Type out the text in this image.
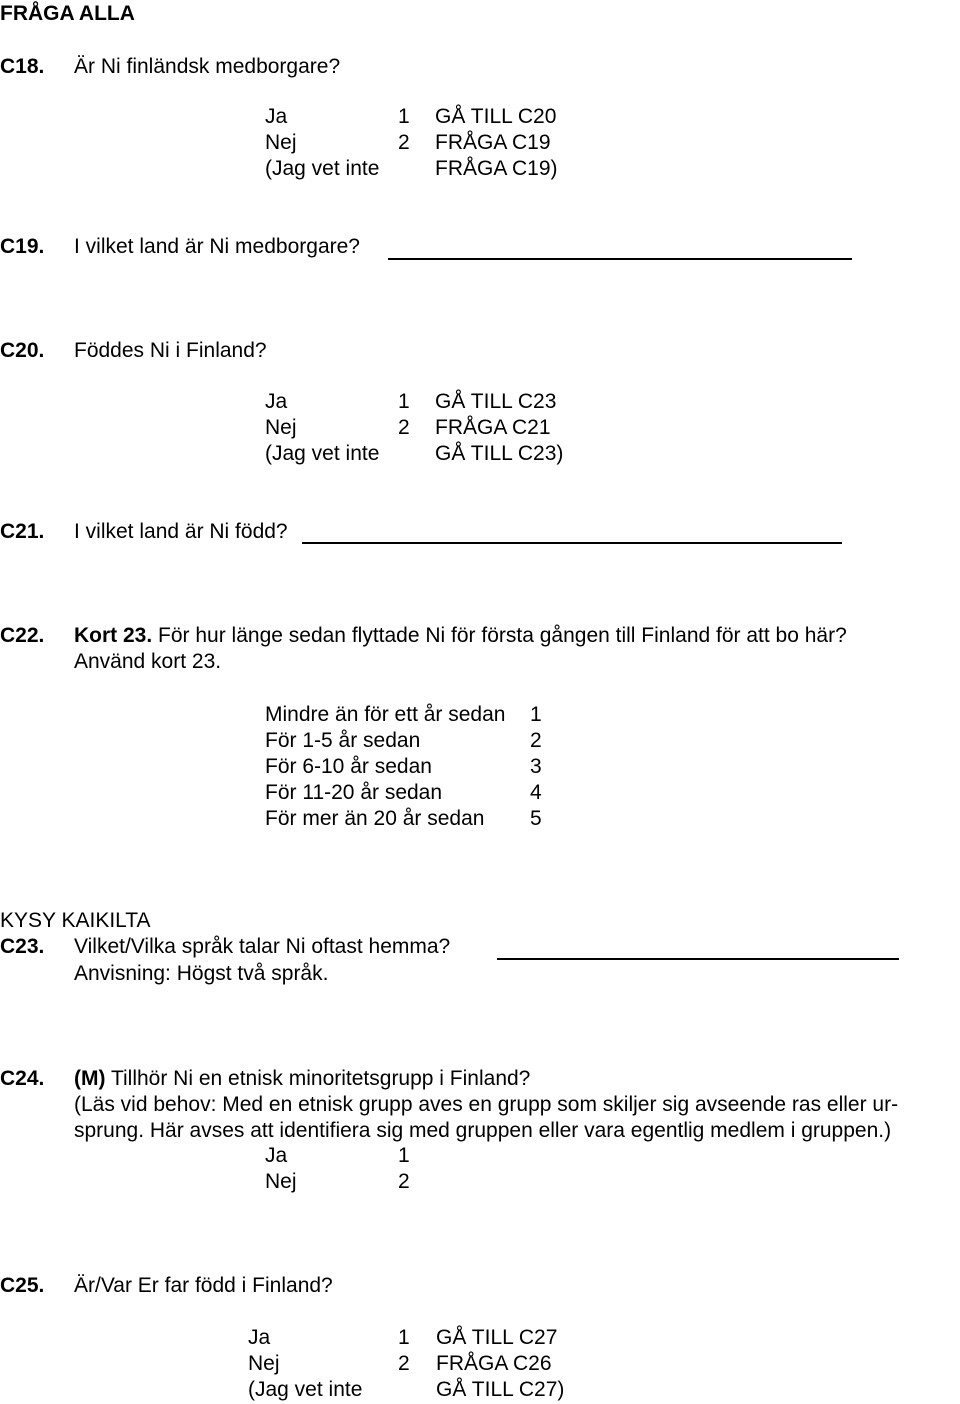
FRÅGA ALLA
C18. Är Ni finländsk medborgare?
Ja	1 GÅ TILL C20
Nej	2 FRÅGA C19
(Jag vet inte	FRÅGA C19)
C19. I vilket land är Ni medborgare?
C20. Föddes Ni i Finland?
Ja	1 GÅ TILL C23
Nej	2 FRÅGA C21
(Jag vet inte	GÅ TILL C23)
C21. I vilket land är Ni född?
C22. Kort 23. För hur länge sedan flyttade Ni för första gången till Finland för att bo här?
Använd kort 23.
Mindre än för ett år sedan 1
För 1-5 år sedan	2
För 6-10 år sedan	3
För 11-20 år sedan	4
För mer än 20 år sedan 5
KYSY KAIKILTA
C23. Vilket/Vilka språk talar Ni oftast hemma?
Anvisning: Högst två språk.
C24. (M) Tillhör Ni en etnisk minoritetsgrupp i Finland?
(Läs vid behov: Med en etnisk grupp aves en grupp som skiljer sig avseende ras eller ur-
sprung. Här avses att identifiera sig med gruppen eller vara egentlig medlem i gruppen.)
Ja	1
Nej	2
C25. Är/Var Er far född i Finland?
Ja	1 GÅ TILL C27
Nej	2 FRÅGA C26
(Jag vet inte	GÅ TILL C27)
